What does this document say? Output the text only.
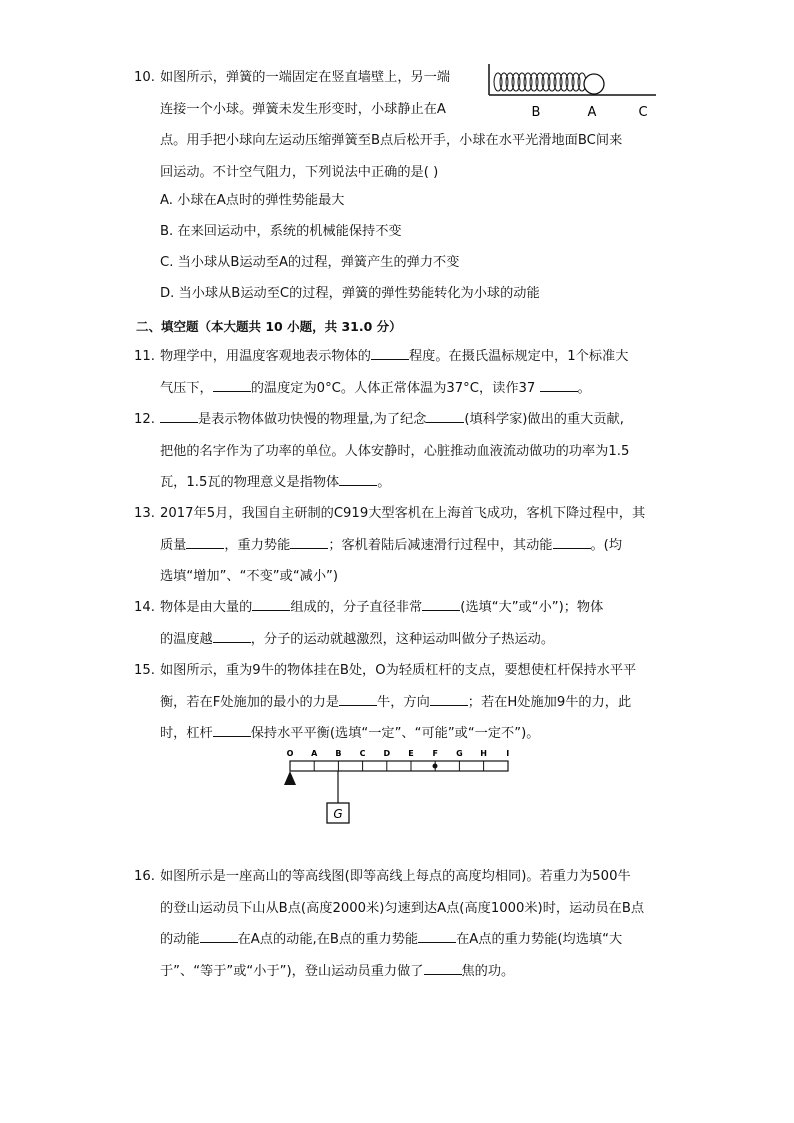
10. 如图所示，弹簧的一端固定在竖直墙壁上，另一端
连接一个小球。弹簧未发生形变时，小球静止在A
点。用手把小球向左运动压缩弹簧至B点后松开手，小球在水平光滑地面BC间来
回运动。不计空气阻力，下列说法中正确的是( )
B	A	C
A. 小球在A点时的弹性势能最大
B. 在来回运动中，系统的机械能保持不变
C. 当小球从B运动至A的过程，弹簧产生的弹力不变
D. 当小球从B运动至C的过程，弹簧的弹性势能转化为小球的动能
二、填空题（本大题共 10 小题，共 31.0 分）
11. 物理学中，用温度客观地表示物体的	程度。在摄氏温标规定中，1个标准大
气压下，	的温度定为0°C。人体正常体温为37°C，读作37	。
12.	是表示物体做功快慢的物理量,为了纪念	(填科学家)做出的重大贡献,
把他的名字作为了功率的单位。人体安静时，心脏推动血液流动做功的功率为1.5
瓦，1.5瓦的物理意义是指物体	。
13. 2017年5月，我国自主研制的C919大型客机在上海首飞成功，客机下降过程中，其
质量	，重力势能	；客机着陆后减速滑行过程中，其动能	。(均
选填“增加”、“不变”或“减小”)
14. 物体是由大量的	组成的，分子直径非常	(选填“大”或“小”)；物体
的温度越	，分子的运动就越激烈，这种运动叫做分子热运动。
15. 如图所示，重为9牛的物体挂在B处，O为轻质杠杆的支点，要想使杠杆保持水平平
衡，若在F处施加的最小的力是	牛，方向	；若在H处施加9牛的力，此
时，杠杆	保持水平平衡(选填“一定”、“可能”或“一定不”)。
O A B C D E F G H I
G
16. 如图所示是一座高山的等高线图(即等高线上每点的高度均相同)。若重力为500牛
的登山运动员下山从B点(高度2000米)匀速到达A点(高度1000米)时，运动员在B点
的动能	在A点的动能,在B点的重力势能	在A点的重力势能(均选填“大
于”、“等于”或“小于”)，登山运动员重力做了	焦的功。
